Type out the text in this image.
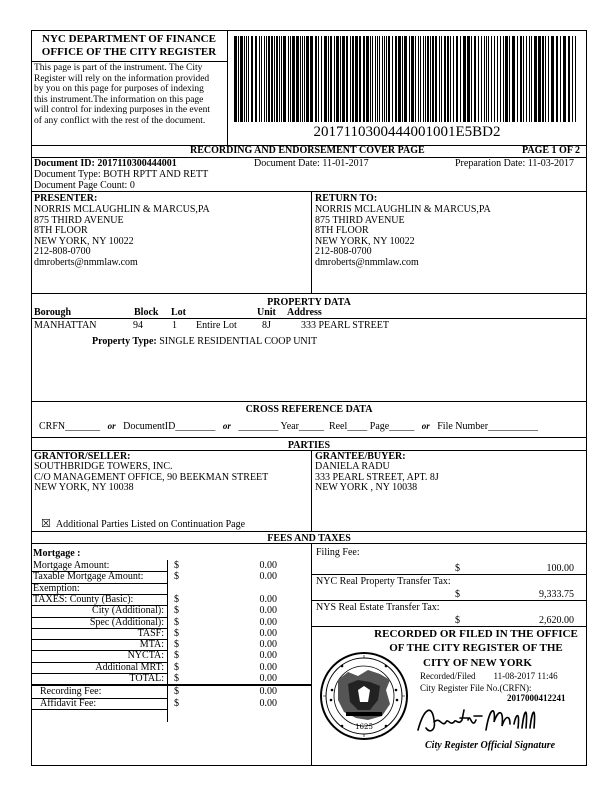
NYC DEPARTMENT OF FINANCE
OFFICE OF THE CITY REGISTER
This page is part of the instrument. The City
Register will rely on the information provided
by you on this page for purposes of indexing
this instrument.The information on this page
will control for indexing purposes in the event
of any conflict with the rest of the document.
2017110300444001001E5BD2
RECORDING AND ENDORSEMENT COVER PAGE	PAGE 1 OF 2
Document ID: 2017110300444001	Document Date: 11-01-2017	Preparation Date: 11-03-2017
Document Type: BOTH RPTT AND RETT
Document Page Count: 0
PRESENTER:
NORRIS MCLAUGHLIN & MARCUS,PA
875 THIRD AVENUE
8TH FLOOR
NEW YORK, NY 10022
212-808-0700
dmroberts@nmmlaw.com
RETURN TO:
NORRIS MCLAUGHLIN & MARCUS,PA
875 THIRD AVENUE
8TH FLOOR
NEW YORK, NY 10022
212-808-0700
dmroberts@nmmlaw.com
PROPERTY DATA
Borough	Block Lot	Unit Address
MANHATTAN	94	1 Entire Lot	8J	333 PEARL STREET
Property Type: SINGLE RESIDENTIAL COOP UNIT
CROSS REFERENCE DATA
CRFN_______ or DocumentID________ or ________ Year_____ Reel____ Page_____ or File Number__________
PARTIES
GRANTOR/SELLER:
SOUTHBRIDGE TOWERS, INC.
C/O MANAGEMENT OFFICE, 90 BEEKMAN STREET
NEW YORK, NY 10038
GRANTEE/BUYER:
DANIELA RADU
333 PEARL STREET, APT. 8J
NEW YORK , NY 10038
☒ Additional Parties Listed on Continuation Page
FEES AND TAXES
Mortgage :
Mortgage Amount:	$	0.00
Taxable Mortgage Amount:	$	0.00
Exemption:
TAXES: County (Basic):	$	0.00
City (Additional): $	0.00
Spec (Additional): $	0.00
TASF: $	0.00
MTA: $	0.00
NYCTA: $	0.00
Additional MRT: $	0.00
TOTAL: $	0.00
Recording Fee:	$	0.00
Affidavit Fee:	$	0.00
Filing Fee:
$	100.00
NYC Real Property Transfer Tax:
$	9,333.75
NYS Real Estate Transfer Tax:
$	2,620.00
RECORDED OR FILED IN THE OFFICE
OF THE CITY REGISTER OF THE
CITY OF NEW YORK
Recorded/Filed 11-08-2017 11:46
City Register File No.(CRFN):
2017000412241
1625
City Register Official Signature
